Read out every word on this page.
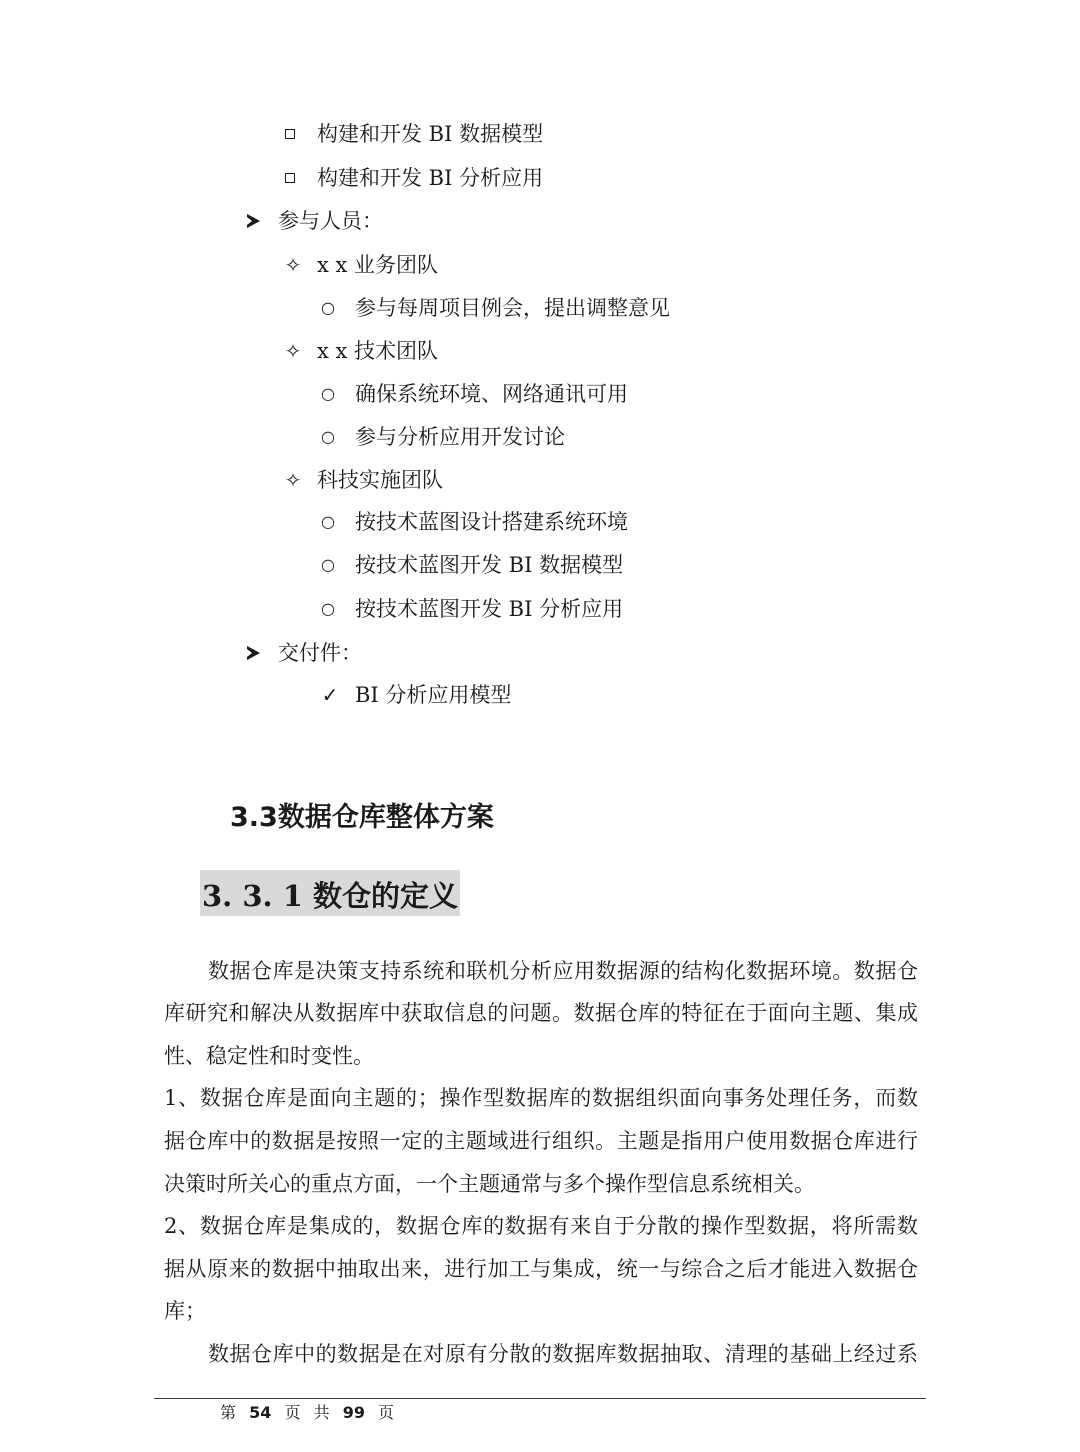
构建和开发 BI 数据模型
构建和开发 BI 分析应用
参与人员：
✧ x x 业务团队
○ 参与每周项目例会，提出调整意见
✧ x x 技术团队
○ 确保系统环境、网络通讯可用
○ 参与分析应用开发讨论
✧ 科技实施团队
○ 按技术蓝图设计搭建系统环境
○ 按技术蓝图开发 BI 数据模型
○ 按技术蓝图开发 BI 分析应用
交付件：
✓ BI 分析应用模型
3.3数据仓库整体方案
3. 3. 1 数仓的定义
数据仓库是决策支持系统和联机分析应用数据源的结构化数据环境。数据仓
库研究和解决从数据库中获取信息的问题。数据仓库的特征在于面向主题、集成
性、稳定性和时变性。
1、数据仓库是面向主题的；操作型数据库的数据组织面向事务处理任务，而数
据仓库中的数据是按照一定的主题域进行组织。主题是指用户使用数据仓库进行
决策时所关心的重点方面，一个主题通常与多个操作型信息系统相关。
2、数据仓库是集成的，数据仓库的数据有来自于分散的操作型数据，将所需数
据从原来的数据中抽取出来，进行加工与集成，统一与综合之后才能进入数据仓
库；
数据仓库中的数据是在对原有分散的数据库数据抽取、清理的基础上经过系
第 54 页 共 99 页
